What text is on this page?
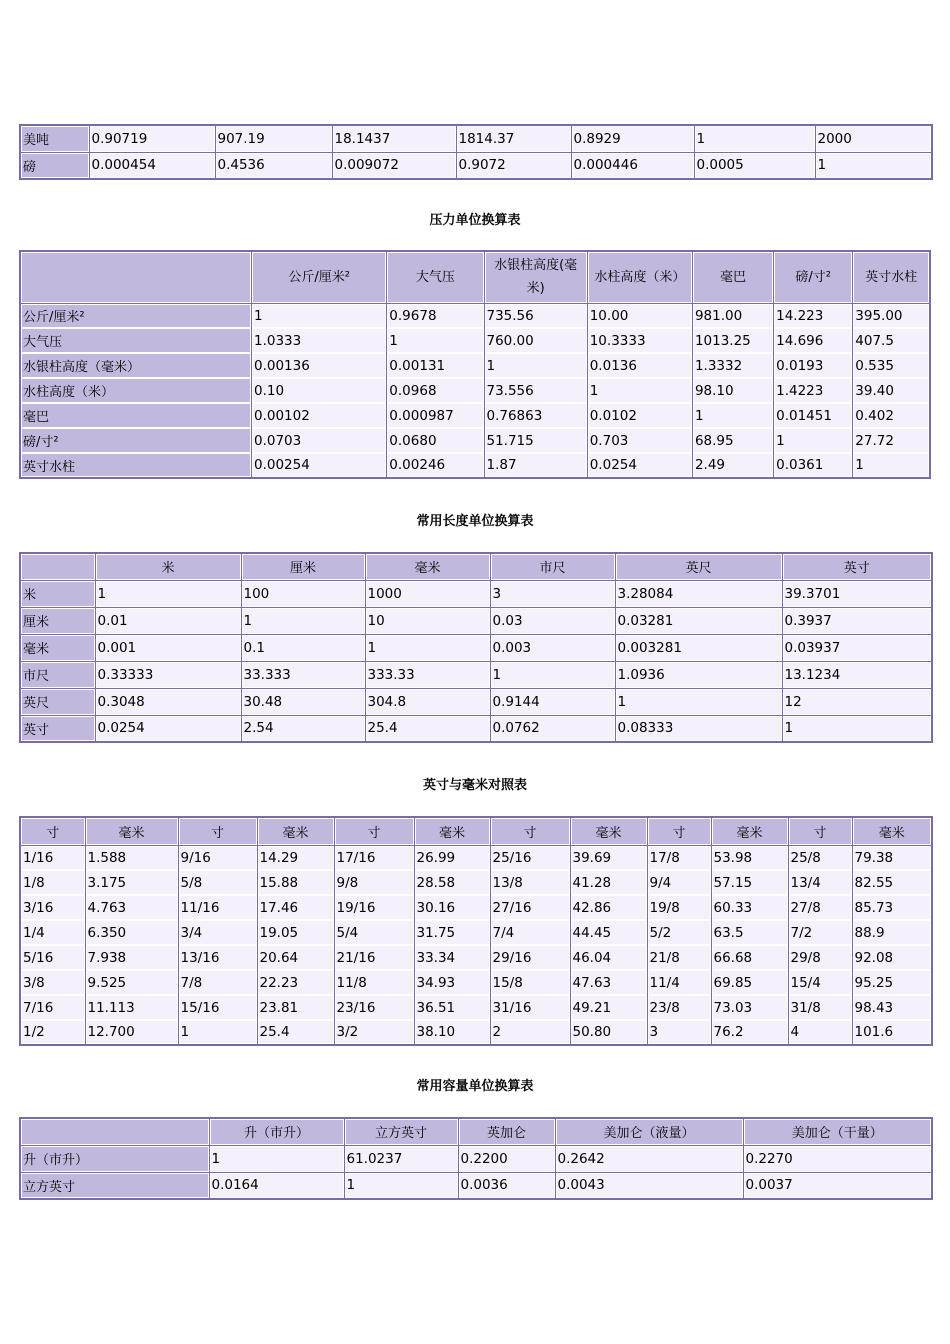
美吨	0.90719	907.19	18.1437	1814.37	0.8929	1	2000
磅	0.000454	0.4536	0.009072	0.9072	0.000446	0.0005	1
压力单位换算表
	公斤/厘米²	大气压	水银柱高度(毫米)	水柱高度（米）	毫巴	磅/寸²	英寸水柱
公斤/厘米²	1	0.9678	735.56	10.00	981.00	14.223	395.00
大气压	1.0333	1	760.00	10.3333	1013.25	14.696	407.5
水银柱高度（毫米）	0.00136	0.00131	1	0.0136	1.3332	0.0193	0.535
水柱高度（米）	0.10	0.0968	73.556	1	98.10	1.4223	39.40
毫巴	0.00102	0.000987	0.76863	0.0102	1	0.01451	0.402
磅/寸²	0.0703	0.0680	51.715	0.703	68.95	1	27.72
英寸水柱	0.00254	0.00246	1.87	0.0254	2.49	0.0361	1
常用长度单位换算表
	米	厘米	毫米	市尺	英尺	英寸
米	1	100	1000	3	3.28084	39.3701
厘米	0.01	1	10	0.03	0.03281	0.3937
毫米	0.001	0.1	1	0.003	0.003281	0.03937
市尺	0.33333	33.333	333.33	1	1.0936	13.1234
英尺	0.3048	30.48	304.8	0.9144	1	12
英寸	0.0254	2.54	25.4	0.0762	0.08333	1
英寸与毫米对照表
寸	毫米	寸	毫米	寸	毫米	寸	毫米	寸	毫米	寸	毫米
1/16	1.588	9/16	14.29	17/16	26.99	25/16	39.69	17/8	53.98	25/8	79.38
1/8	3.175	5/8	15.88	9/8	28.58	13/8	41.28	9/4	57.15	13/4	82.55
3/16	4.763	11/16	17.46	19/16	30.16	27/16	42.86	19/8	60.33	27/8	85.73
1/4	6.350	3/4	19.05	5/4	31.75	7/4	44.45	5/2	63.5	7/2	88.9
5/16	7.938	13/16	20.64	21/16	33.34	29/16	46.04	21/8	66.68	29/8	92.08
3/8	9.525	7/8	22.23	11/8	34.93	15/8	47.63	11/4	69.85	15/4	95.25
7/16	11.113	15/16	23.81	23/16	36.51	31/16	49.21	23/8	73.03	31/8	98.43
1/2	12.700	1	25.4	3/2	38.10	2	50.80	3	76.2	4	101.6
常用容量单位换算表
	升（市升）	立方英寸	英加仑	美加仑（液量）	美加仑（干量）
升（市升）	1	61.0237	0.2200	0.2642	0.2270
立方英寸	0.0164	1	0.0036	0.0043	0.0037
